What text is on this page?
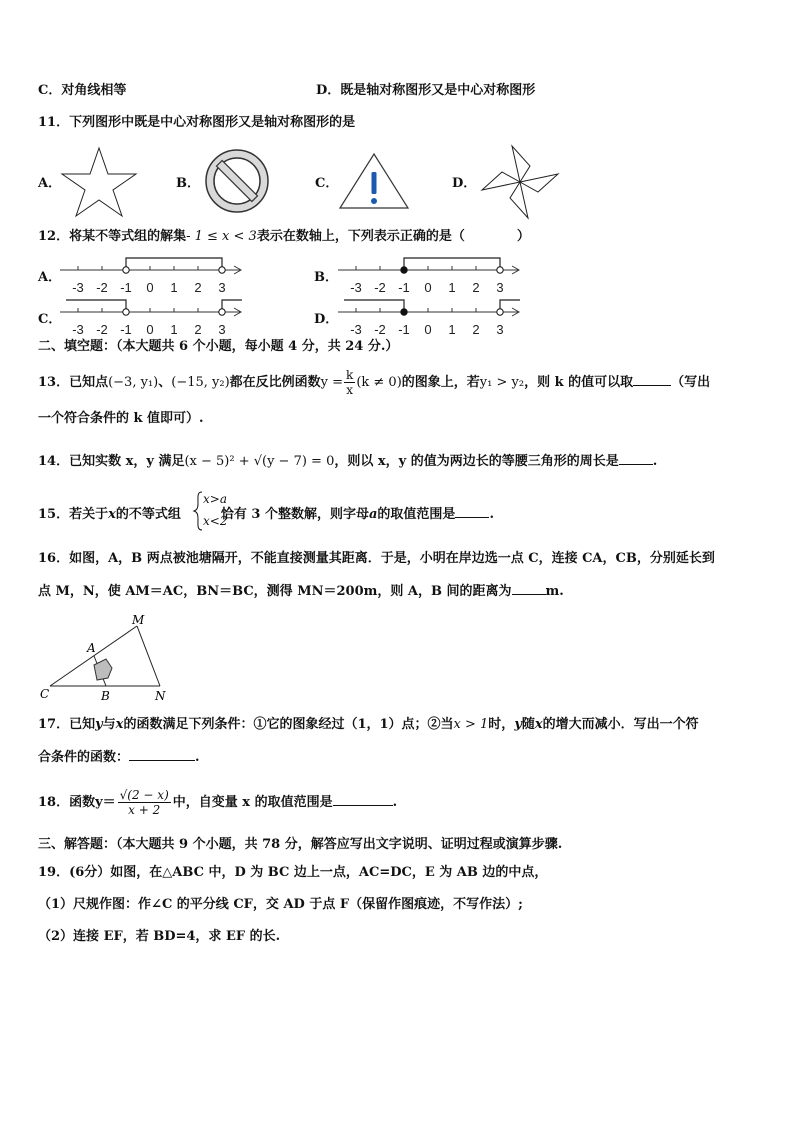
C．对角线相等	D．既是轴对称图形又是中心对称图形
11．下列图形中既是中心对称图形又是轴对称图形的是
A．	B．	C．	D．
12．将某不等式组的解集- 1 ≤ x < 3表示在数轴上，下列表示正确的是（	）
A．
C．
B．
D．
-3 -2 -1 0 1 2 3	-3 -2 -1 0 1 2 3
-3 -2 -1 0 1 2 3	-3 -2 -1 0 1 2 3
二、填空题：（本大题共 6 个小题，每小题 4 分，共 24 分.）
13．已知点(−3, y₁)、(−15, y₂)都在反比例函数$y = \frac{k}{x} (k \ne 0)$的图象上，若y₁ > y₂，则 k 的值可以取	（写出
一个符合条件的 k 值即可）.
14．已知实数 x，y 满足(x − 5)² + √(y − 7) = 0，则以 x，y 的值为两边长的等腰三角形的周长是	.
15．若关于x的不等式组	恰有 3 个整数解，则字母a的取值范围是	.
x>a
x<2
16．如图，A，B 两点被池塘隔开，不能直接测量其距离．于是，小明在岸边选一点 C，连接 CA，CB，分别延长到
点 M，N，使 AM＝AC，BN＝BC，测得 MN＝200m，则 A，B 间的距离为	m.
M
A
C	B	N
17．已知y与x的函数满足下列条件：①它的图象经过（1，1）点；②当x > 1时，y随x的增大而减小．写出一个符
合条件的函数：	.
18．函数$y= \frac{√(2 - x)}{x + 2}$ 中，自变量 x 的取值范围是	.
三、解答题：（本大题共 9 个小题，共 78 分，解答应写出文字说明、证明过程或演算步骤.
19．(6分）如图，在△ABC 中，D 为 BC 边上一点，AC=DC，E 为 AB 边的中点，
（1）尺规作图：作∠C 的平分线 CF，交 AD 于点 F（保留作图痕迹，不写作法）;
（2）连接 EF，若 BD=4，求 EF 的长.
